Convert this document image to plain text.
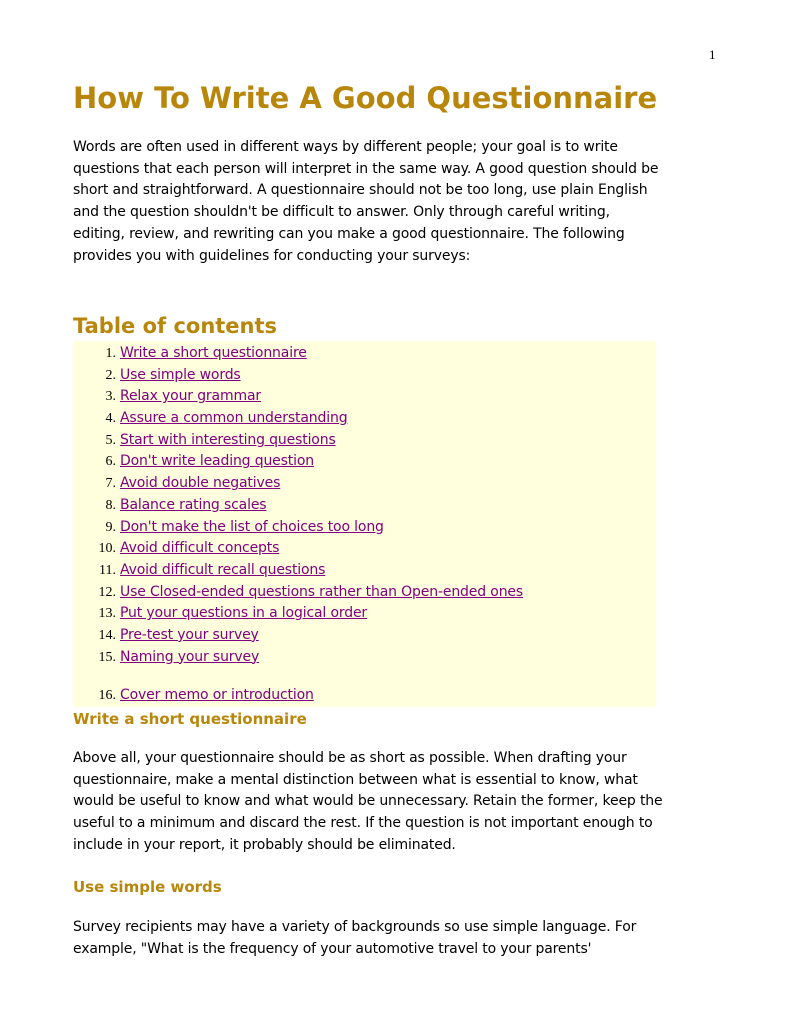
1
How To Write A Good Questionnaire

Words are often used in different ways by different people; your goal is to write questions that each person will interpret in the same way. A good question should be short and straightforward. A questionnaire should not be too long, use plain English and the question shouldn't be difficult to answer. Only through careful writing, editing, review, and rewriting can you make a good questionnaire. The following provides you with guidelines for conducting your surveys:

Table of contents
1. Write a short questionnaire
2. Use simple words
3. Relax your grammar
4. Assure a common understanding
5. Start with interesting questions
6. Don't write leading question
7. Avoid double negatives
8. Balance rating scales
9. Don't make the list of choices too long
10. Avoid difficult concepts
11. Avoid difficult recall questions
12. Use Closed-ended questions rather than Open-ended ones
13. Put your questions in a logical order
14. Pre-test your survey
15. Naming your survey
16. Cover memo or introduction
Write a short questionnaire

Above all, your questionnaire should be as short as possible. When drafting your questionnaire, make a mental distinction between what is essential to know, what would be useful to know and what would be unnecessary. Retain the former, keep the useful to a minimum and discard the rest. If the question is not important enough to include in your report, it probably should be eliminated.

Use simple words

Survey recipients may have a variety of backgrounds so use simple language. For example, "What is the frequency of your automotive travel to your parents'
